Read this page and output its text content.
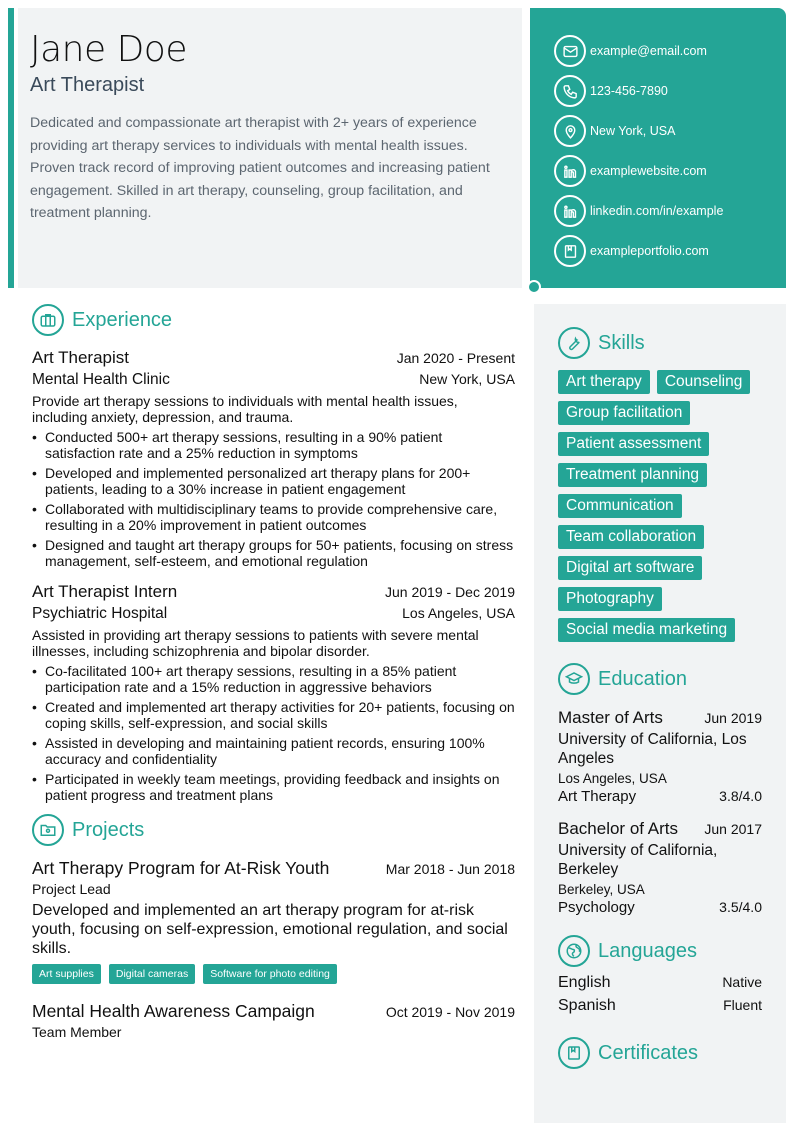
Jane Doe
Art Therapist
Dedicated and compassionate art therapist with 2+ years of experience providing art therapy services to individuals with mental health issues. Proven track record of improving patient outcomes and increasing patient engagement. Skilled in art therapy, counseling, group facilitation, and treatment planning.
example@email.com
123-456-7890
New York, USA
examplewebsite.com
linkedin.com/in/example
exampleportfolio.com
Experience
Art Therapist	Jan 2020 - Present
Mental Health Clinic	New York, USA
Provide art therapy sessions to individuals with mental health issues, including anxiety, depression, and trauma.
• Conducted 500+ art therapy sessions, resulting in a 90% patient satisfaction rate and a 25% reduction in symptoms
• Developed and implemented personalized art therapy plans for 200+ patients, leading to a 30% increase in patient engagement
• Collaborated with multidisciplinary teams to provide comprehensive care, resulting in a 20% improvement in patient outcomes
• Designed and taught art therapy groups for 50+ patients, focusing on stress management, self-esteem, and emotional regulation
Art Therapist Intern	Jun 2019 - Dec 2019
Psychiatric Hospital	Los Angeles, USA
Assisted in providing art therapy sessions to patients with severe mental illnesses, including schizophrenia and bipolar disorder.
• Co-facilitated 100+ art therapy sessions, resulting in a 85% patient participation rate and a 15% reduction in aggressive behaviors
• Created and implemented art therapy activities for 20+ patients, focusing on coping skills, self-expression, and social skills
• Assisted in developing and maintaining patient records, ensuring 100% accuracy and confidentiality
• Participated in weekly team meetings, providing feedback and insights on patient progress and treatment plans
Projects
Art Therapy Program for At-Risk Youth	Mar 2018 - Jun 2018
Project Lead
Developed and implemented an art therapy program for at-risk youth, focusing on self-expression, emotional regulation, and social skills.
Art supplies	Digital cameras	Software for photo editing
Mental Health Awareness Campaign	Oct 2019 - Nov 2019
Team Member
Skills
Art therapy	Counseling
Group facilitation
Patient assessment
Treatment planning
Communication
Team collaboration
Digital art software
Photography
Social media marketing
Education
Master of Arts	Jun 2019
University of California, Los Angeles
Los Angeles, USA
Art Therapy	3.8/4.0
Bachelor of Arts Jun 2017
University of California, Berkeley
Berkeley, USA
Psychology	3.5/4.0
Languages
English	Native
Spanish	Fluent
Certificates
